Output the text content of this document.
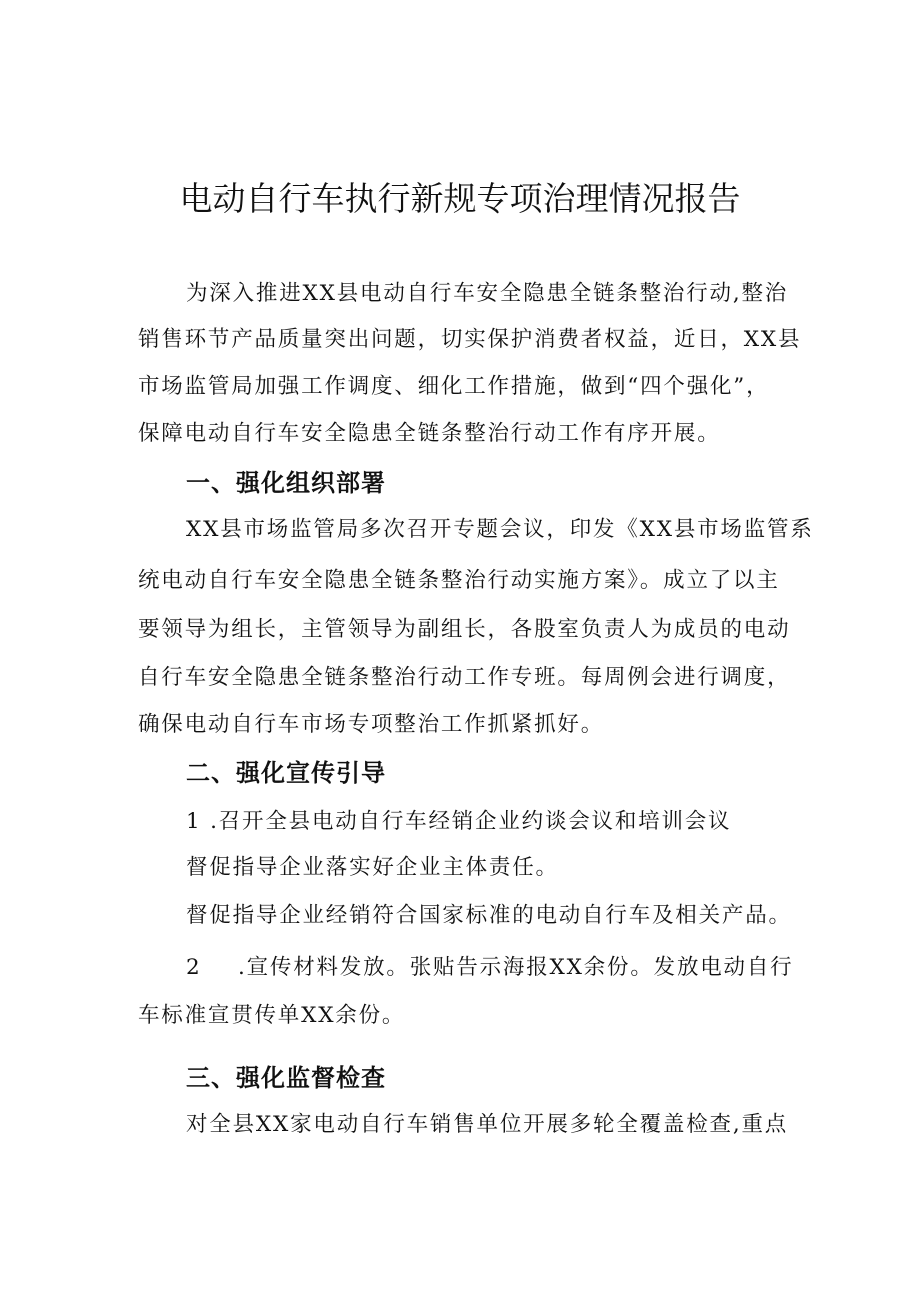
电动自行车执行新规专项治理情况报告

为深入推进XX县电动自行车安全隐患全链条整治行动,整治

销售环节产品质量突出问题，切实保护消费者权益，近日，XX县

市场监管局加强工作调度、细化工作措施，做到“四个强化”，

保障电动自行车安全隐患全链条整治行动工作有序开展。

一、强化组织部署

XX县市场监管局多次召开专题会议，印发《XX县市场监管系

统电动自行车安全隐患全链条整治行动实施方案》。成立了以主

要领导为组长，主管领导为副组长，各股室负责人为成员的电动

自行车安全隐患全链条整治行动工作专班。每周例会进行调度，

确保电动自行车市场专项整治工作抓紧抓好。

二、强化宣传引导

1 .召开全县电动自行车经销企业约谈会议和培训会议

督促指导企业落实好企业主体责任。

督促指导企业经销符合国家标准的电动自行车及相关产品。

2 .宣传材料发放。张贴告示海报XX余份。发放电动自行

车标准宣贯传单XX余份。

三、强化监督检查

对全县XX家电动自行车销售单位开展多轮全覆盖检查,重点
